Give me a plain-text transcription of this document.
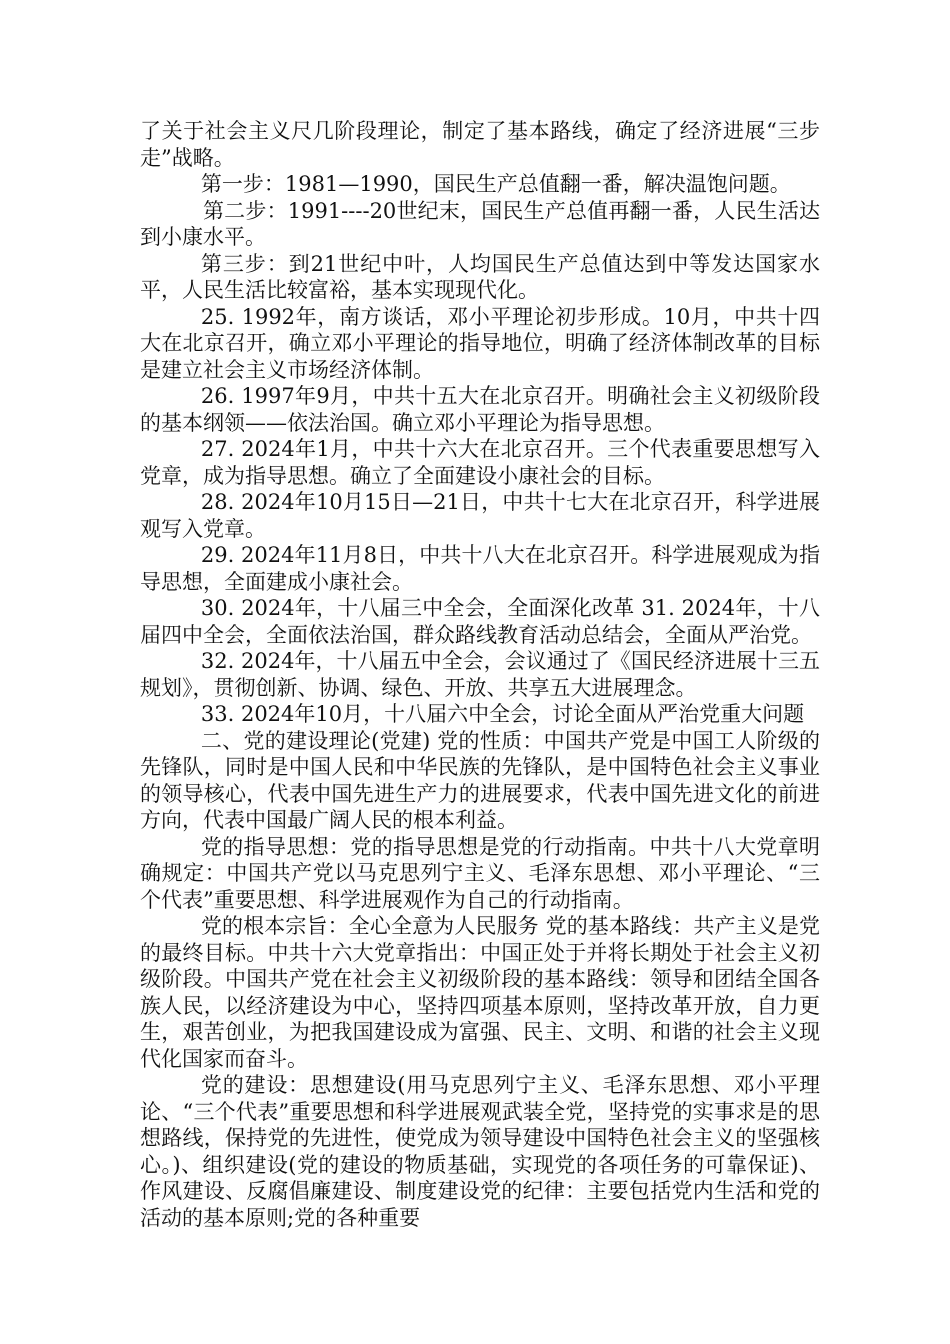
了关于社会主义尺几阶段理论，制定了基本路线，确定了经济进展“三步走”战略。

第一步：1981—1990，国民生产总值翻一番，解决温饱问题。

第二步：1991----20世纪末，国民生产总值再翻一番，人民生活达到小康水平。

第三步：到21世纪中叶，人均国民生产总值达到中等发达国家水平，人民生活比较富裕，基本实现现代化。

25. 1992年，南方谈话，邓小平理论初步形成。10月，中共十四大在北京召开，确立邓小平理论的指导地位，明确了经济体制改革的目标是建立社会主义市场经济体制。

26. 1997年9月，中共十五大在北京召开。明确社会主义初级阶段的基本纲领——依法治国。确立邓小平理论为指导思想。

27. 2024年1月，中共十六大在北京召开。三个代表重要思想写入党章，成为指导思想。确立了全面建设小康社会的目标。

28. 2024年10月15日—21日，中共十七大在北京召开，科学进展观写入党章。

29. 2024年11月8日，中共十八大在北京召开。科学进展观成为指导思想，全面建成小康社会。

30. 2024年，十八届三中全会，全面深化改革 31. 2024年，十八届四中全会，全面依法治国，群众路线教育活动总结会，全面从严治党。

32. 2024年，十八届五中全会，会议通过了《国民经济进展十三五规划》，贯彻创新、协调、绿色、开放、共享五大进展理念。

33. 2024年10月，十八届六中全会，讨论全面从严治党重大问题

二、党的建设理论(党建) 党的性质：中国共产党是中国工人阶级的先锋队，同时是中国人民和中华民族的先锋队，是中国特色社会主义事业的领导核心，代表中国先进生产力的进展要求，代表中国先进文化的前进方向，代表中国最广阔人民的根本利益。

党的指导思想：党的指导思想是党的行动指南。中共十八大党章明确规定：中国共产党以马克思列宁主义、毛泽东思想、邓小平理论、“三个代表”重要思想、科学进展观作为自己的行动指南。

党的根本宗旨：全心全意为人民服务 党的基本路线：共产主义是党的最终目标。中共十六大党章指出：中国正处于并将长期处于社会主义初级阶段。中国共产党在社会主义初级阶段的基本路线：领导和团结全国各族人民，以经济建设为中心，坚持四项基本原则，坚持改革开放，自力更生，艰苦创业，为把我国建设成为富强、民主、文明、和谐的社会主义现代化国家而奋斗。

党的建设：思想建设(用马克思列宁主义、毛泽东思想、邓小平理论、“三个代表”重要思想和科学进展观武装全党，坚持党的实事求是的思想路线，保持党的先进性，使党成为领导建设中国特色社会主义的坚强核心。)、组织建设(党的建设的物质基础，实现党的各项任务的可靠保证)、作风建设、反腐倡廉建设、制度建设党的纪律：主要包括党内生活和党的活动的基本原则;党的各种重要
